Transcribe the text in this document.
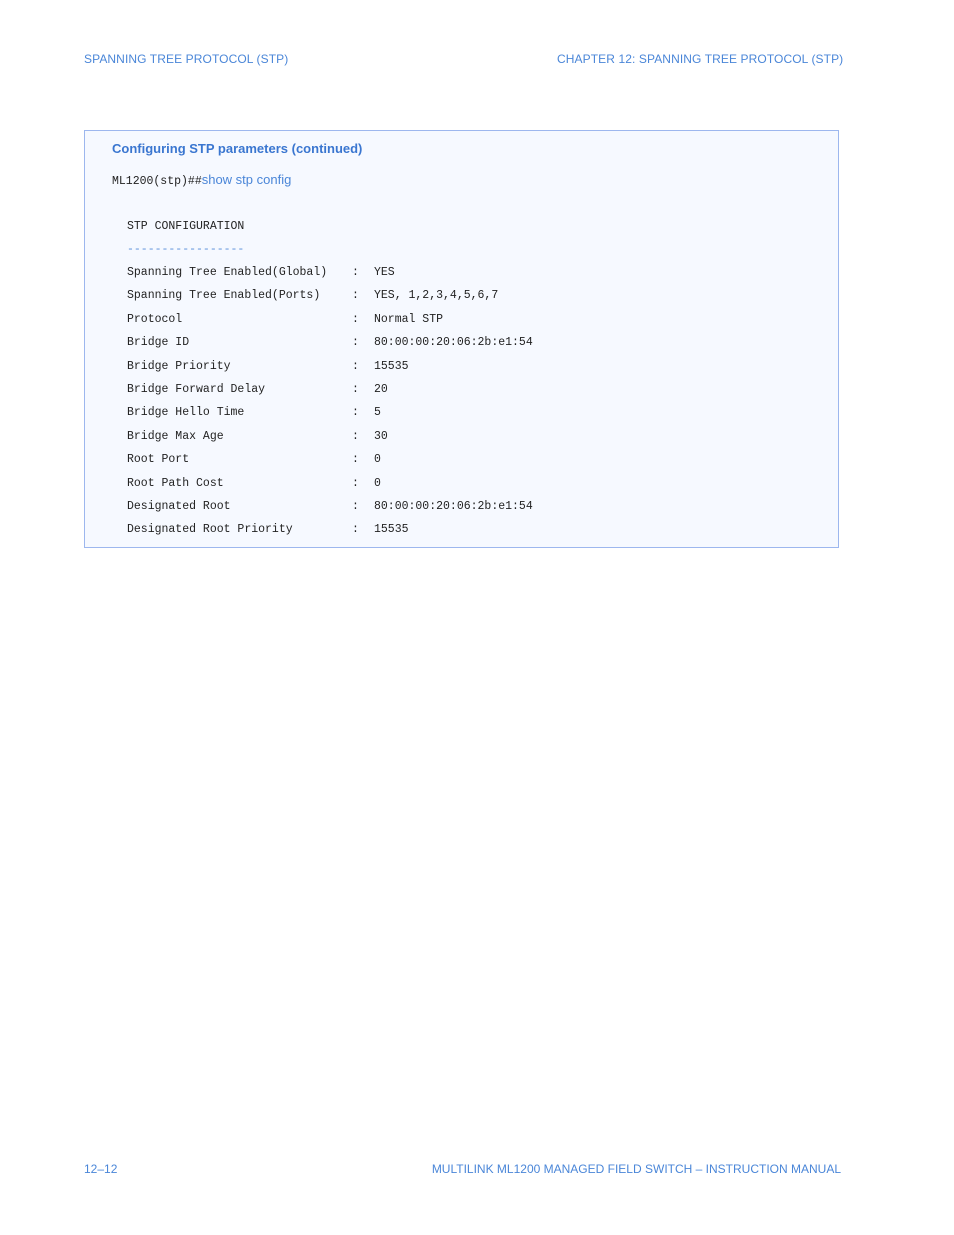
SPANNING TREE PROTOCOL (STP)	CHAPTER 12: SPANNING TREE PROTOCOL (STP)
Configuring STP parameters (continued)
ML1200(stp)##show stp config
STP CONFIGURATION
-----------------
Spanning Tree Enabled(Global) : YES
Spanning Tree Enabled(Ports)	: YES, 1,2,3,4,5,6,7
Protocol	: Normal STP
Bridge ID	: 80:00:00:20:06:2b:e1:54
Bridge Priority	: 15535
Bridge Forward Delay	: 20
Bridge Hello Time	: 5
Bridge Max Age	: 30
Root Port	: 0
Root Path Cost	: 0
Designated Root	: 80:00:00:20:06:2b:e1:54
Designated Root Priority	: 15535
12–12	MULTILINK ML1200 MANAGED FIELD SWITCH – INSTRUCTION MANUAL
